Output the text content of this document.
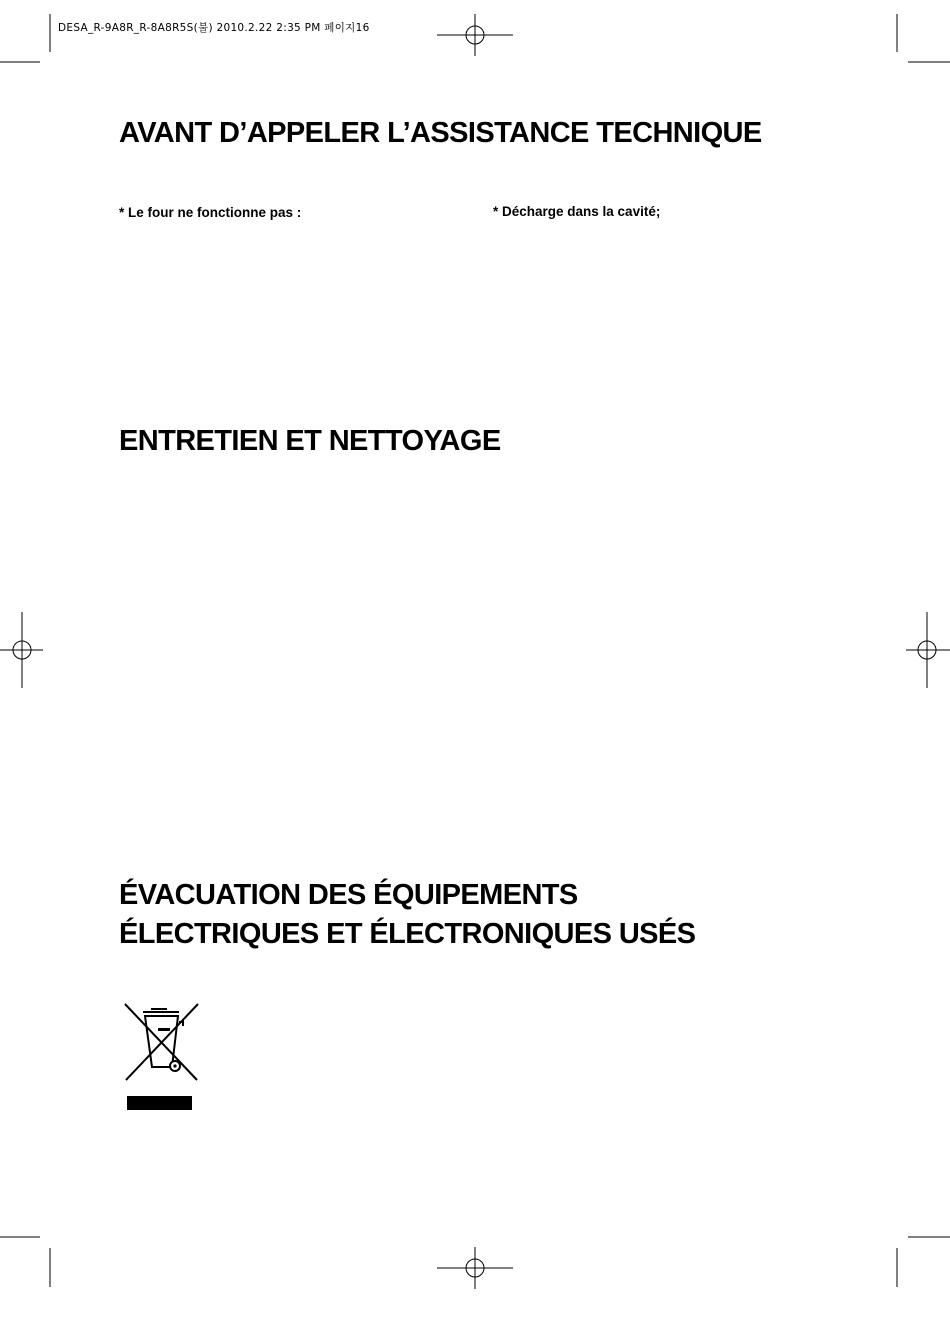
DESA_R-9A8R_R-8A8R5S(불) 2010.2.22 2:35 PM 페이지16
AVANT D’APPELER L’ASSISTANCE TECHNIQUE
* Le four ne fonctionne pas :	* Décharge dans la cavité;
ENTRETIEN ET NETTOYAGE
ÉVACUATION DES ÉQUIPEMENTS
ÉLECTRIQUES ET ÉLECTRONIQUES USÉS
